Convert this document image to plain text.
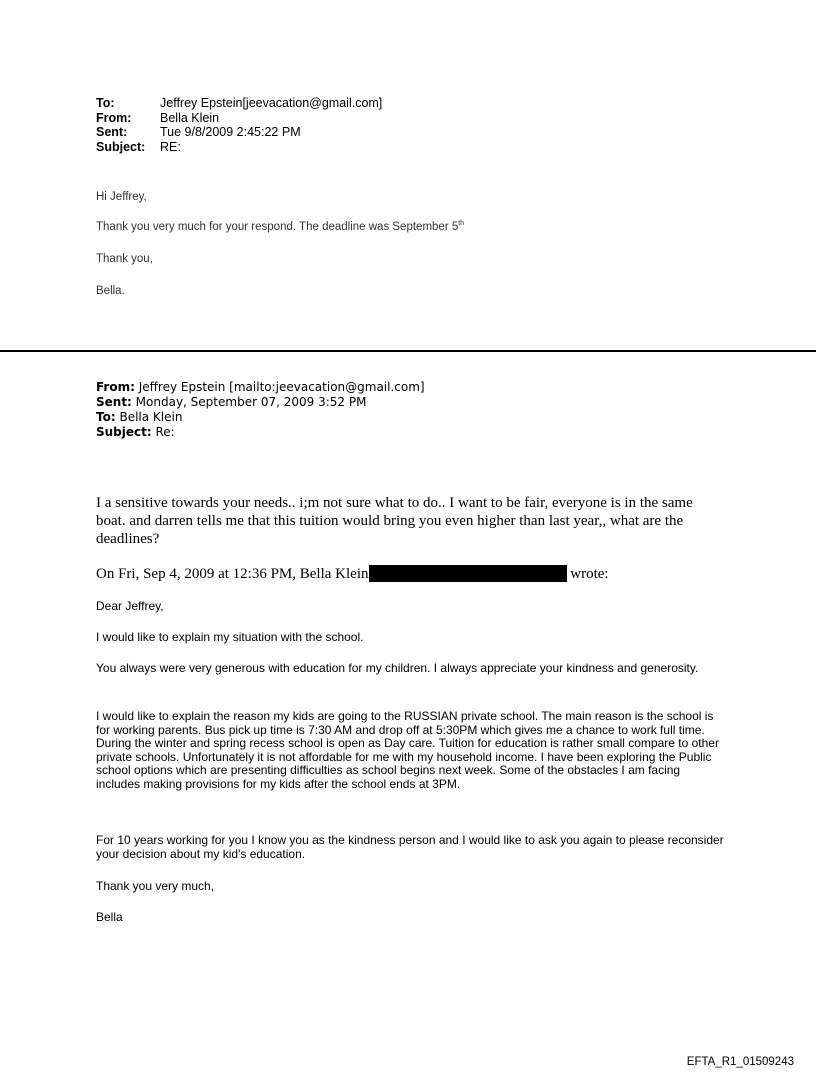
To:	Jeffrey Epstein[jeevacation@gmail.com]
From:	Bella Klein
Sent:	Tue 9/8/2009 2:45:22 PM
Subject:	RE:
Hi Jeffrey,
Thank you very much for your respond. The deadline was September 5th
Thank you,
Bella.
From: Jeffrey Epstein [mailto:jeevacation@gmail.com]
Sent: Monday, September 07, 2009 3:52 PM
To: Bella Klein
Subject: Re:
I a sensitive towards your needs.. i;m not sure what to do.. I want to be fair, everyone is in the same boat. and darren tells me that this tuition would bring you even higher than last year,, what are the deadlines?
On Fri, Sep 4, 2009 at 12:36 PM, Bella Klein	wrote:
Dear Jeffrey,
I would like to explain my situation with the school.
You always were very generous with education for my children. I always appreciate your kindness and generosity.
I would like to explain the reason my kids are going to the RUSSIAN private school. The main reason is the school is for working parents. Bus pick up time is 7:30 AM and drop off at 5:30PM which gives me a chance to work full time. During the winter and spring recess school is open as Day care. Tuition for education is rather small compare to other private schools. Unfortunately it is not affordable for me with my household income. I have been exploring the Public school options which are presenting difficulties as school begins next week. Some of the obstacles I am facing includes making provisions for my kids after the school ends at 3PM.
For 10 years working for you I know you as the kindness person and I would like to ask you again to please reconsider your decision about my kid's education.
Thank you very much,
Bella
EFTA_R1_01509243
